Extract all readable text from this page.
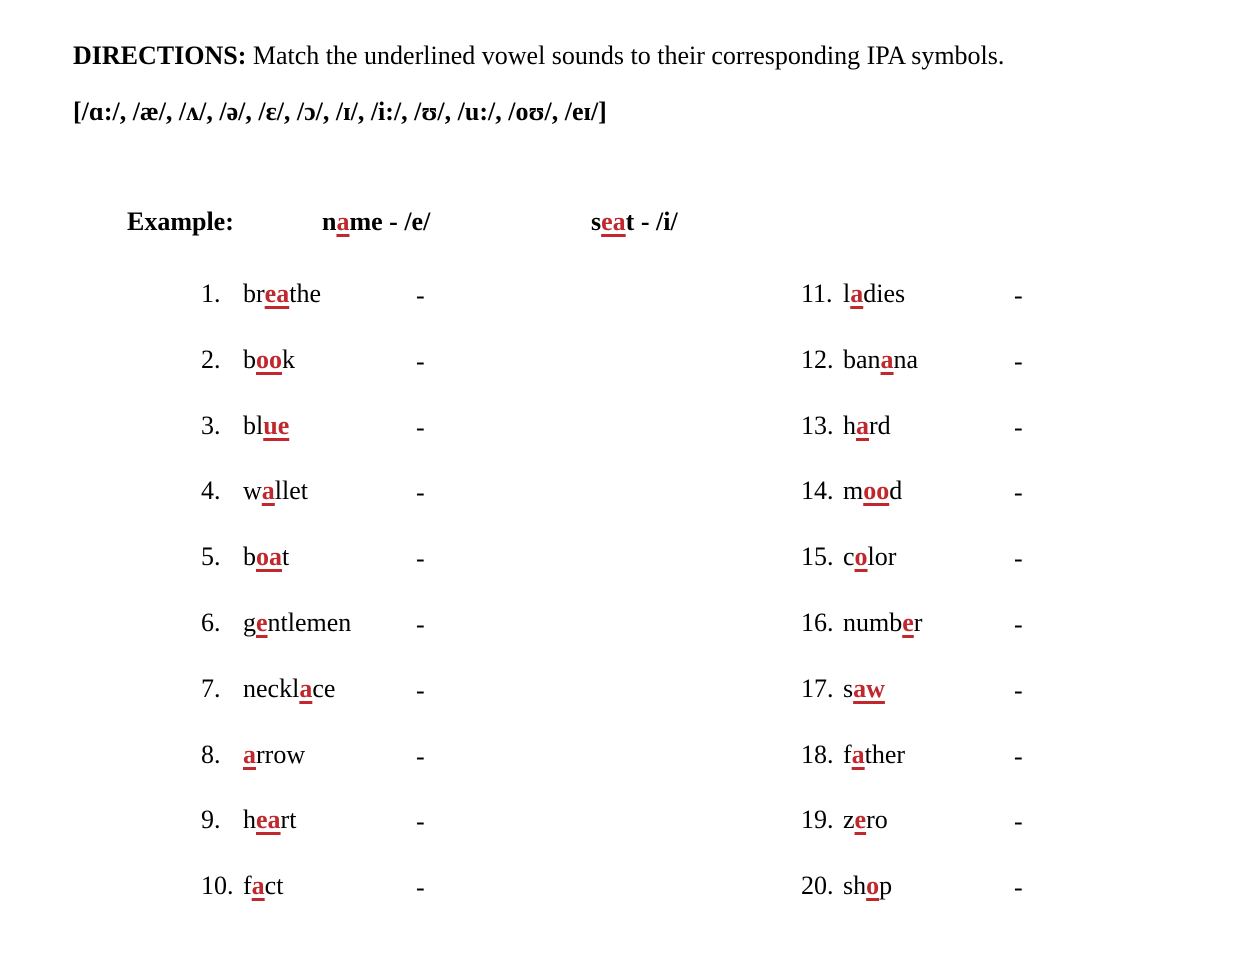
DIRECTIONS: Match the underlined vowel sounds to their corresponding IPA symbols.
[/ɑ:/, /æ/, /ʌ/, /ə/, /ɛ/, /ɔ/, /ɪ/, /i:/, /ʊ/, /u:/, /oʊ/, /eɪ/]
Example:	name - /e/	seat - /i/
1. breathe	-
2. book	-
3. blue	-
4. wallet	-
5. boat	-
6. gentlemen -
7. necklace	-
8. arrow	-
9. heart	-
10. fact	-
11. ladies	-
12. banana	-
13. hard	-
14. mood	-
15. color	-
16. number	-
17. saw	-
18. father	-
19. zero	-
20. shop	-
